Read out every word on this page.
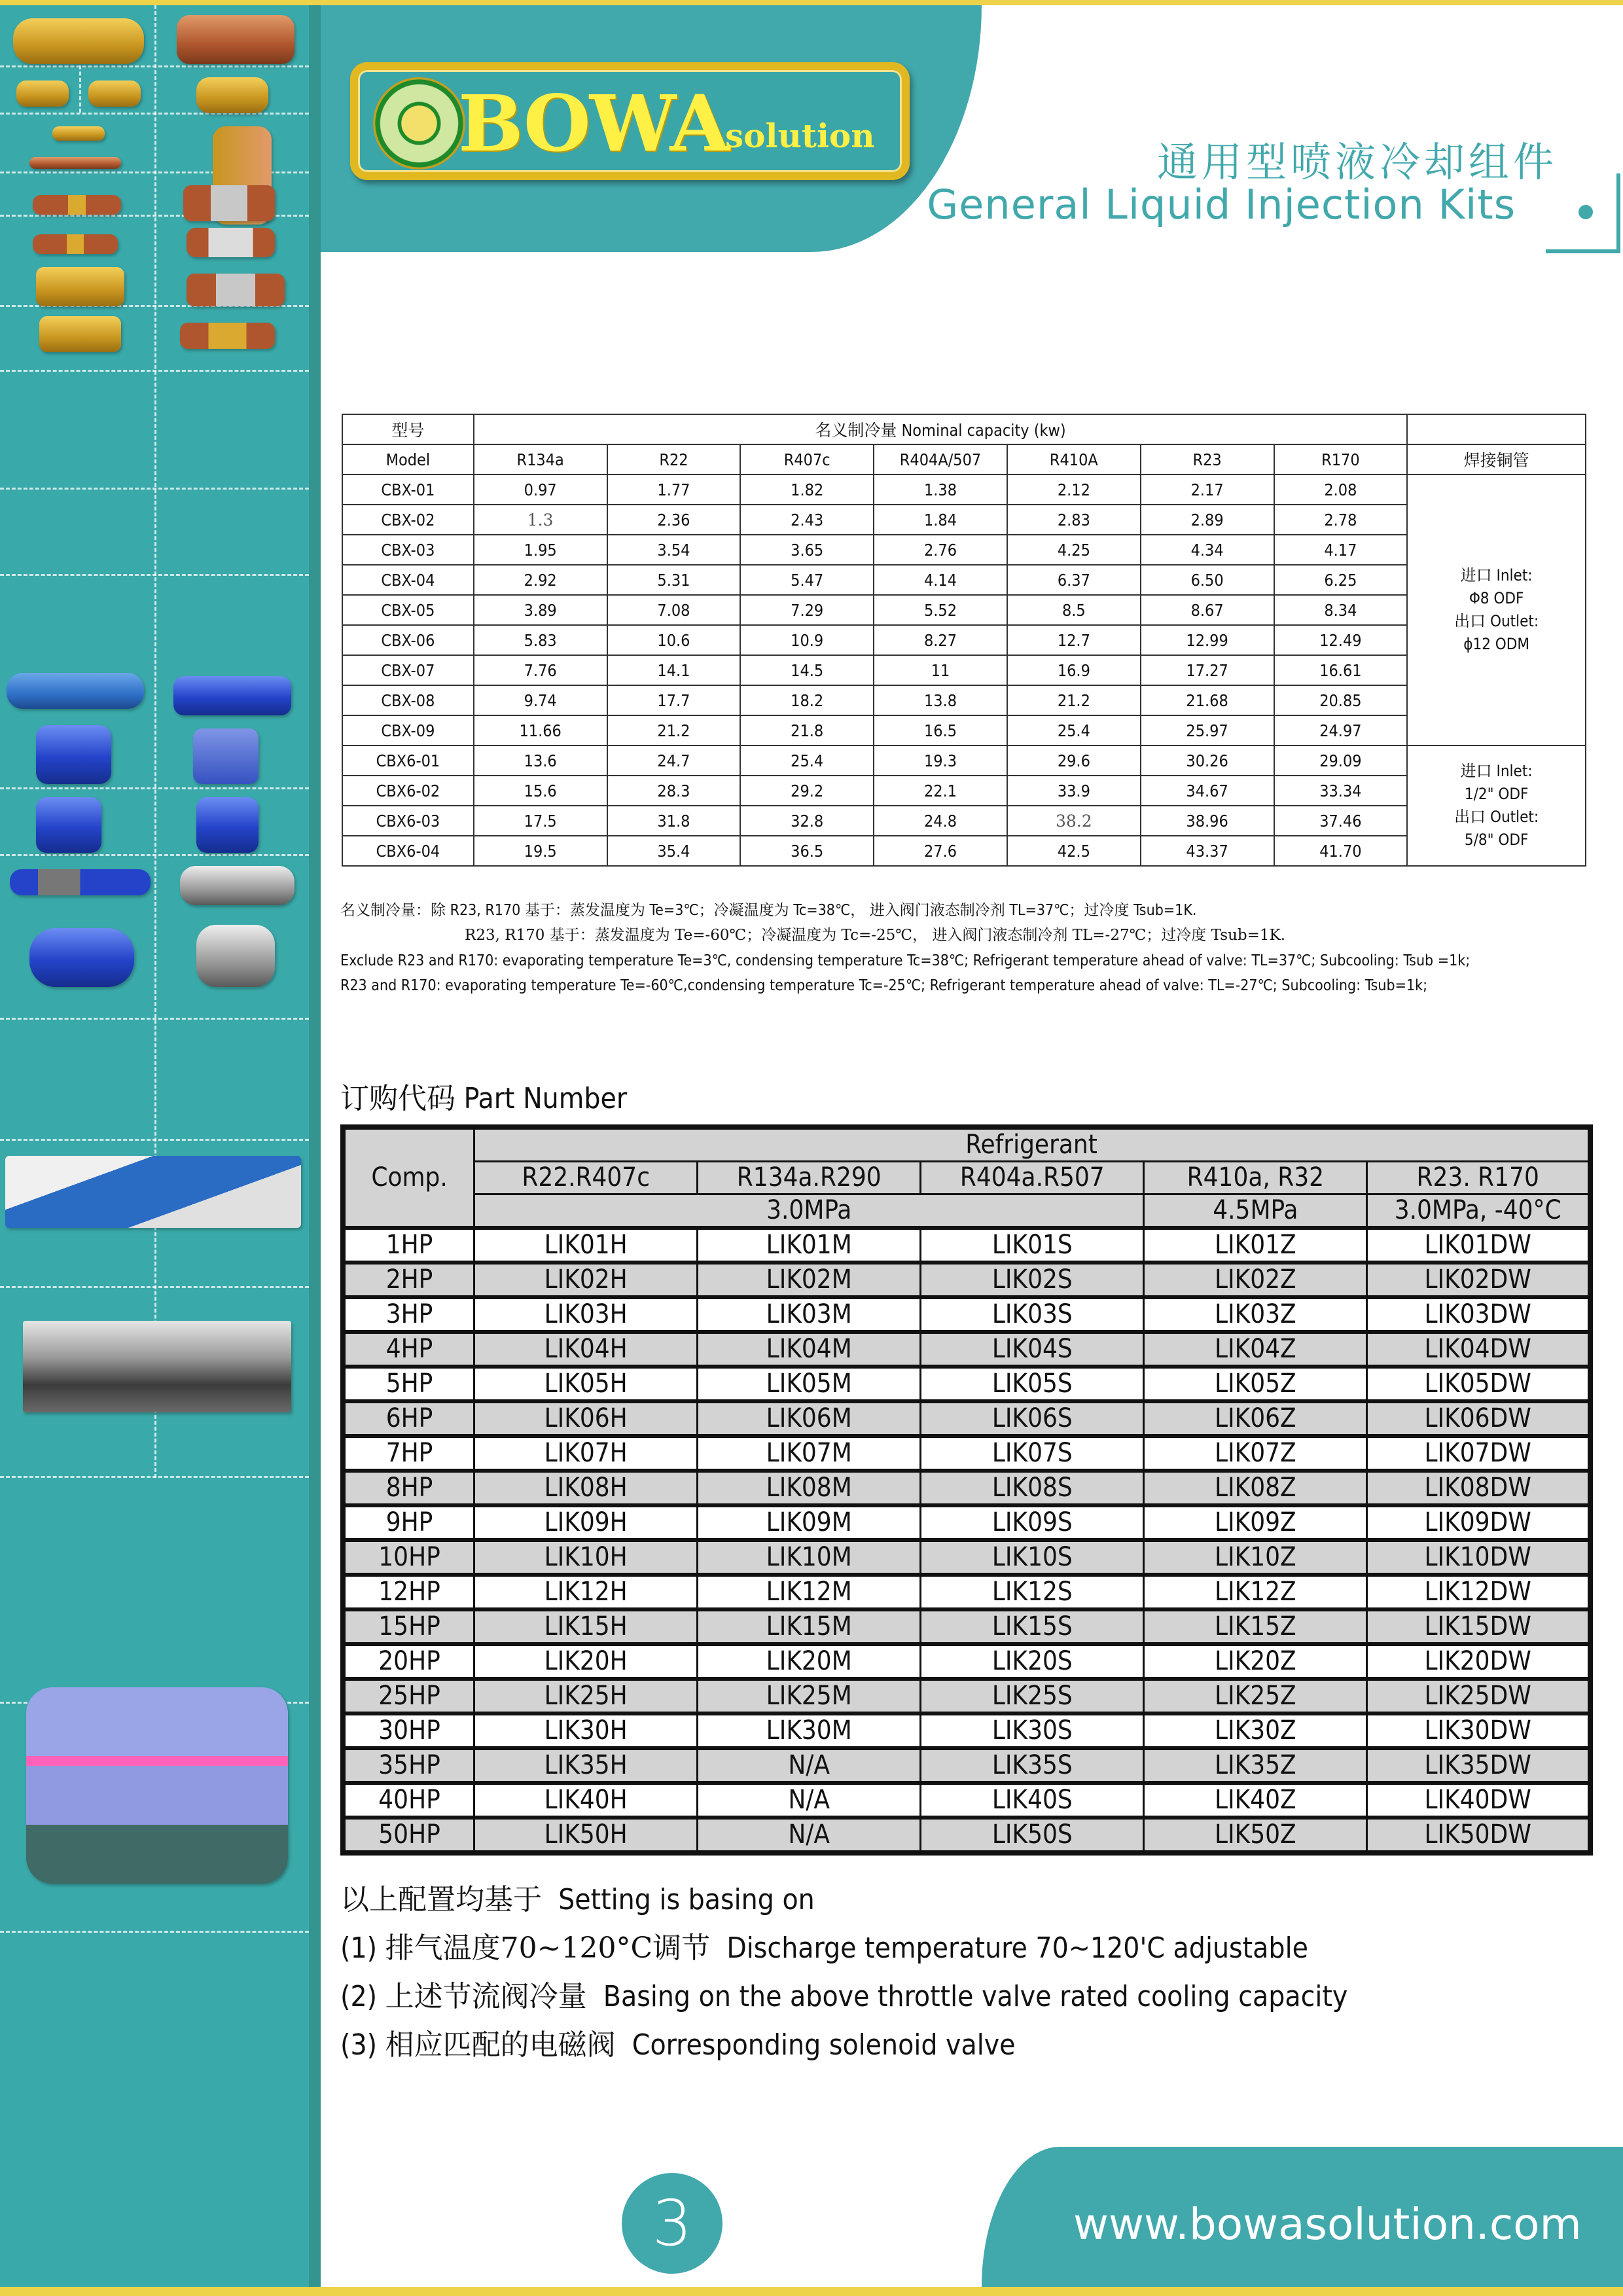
BOWA
solution
通用型喷液冷却组件
General Liquid Injection Kits
型号	名义制冷量 Nominal capacity (kw)							
Model	R134a	R22	R407c	R404A/507	R410A	R23	R170	焊接铜管
CBX-01	0.97	1.77	1.82	1.38	2.12	2.17	2.08	进口 Inlet:
Φ8 ODF
出口 Outlet:
ϕ12 ODM

CBX-02	1.3	2.36	2.43	1.84	2.83	2.89	2.78	
CBX-03	1.95	3.54	3.65	2.76	4.25	4.34	4.17	
CBX-04	2.92	5.31	5.47	4.14	6.37	6.50	6.25	
CBX-05	3.89	7.08	7.29	5.52	8.5	8.67	8.34	
CBX-06	5.83	10.6	10.9	8.27	12.7	12.99	12.49	
CBX-07	7.76	14.1	14.5	11	16.9	17.27	16.61	
CBX-08	9.74	17.7	18.2	13.8	21.2	21.68	20.85	
CBX-09	11.66	21.2	21.8	16.5	25.4	25.97	24.97	
CBX6-01	13.6	24.7	25.4	19.3	29.6	30.26	29.09	进口 Inlet:
1/2" ODF
出口 Outlet:
5/8" ODF

CBX6-02	15.6	28.3	29.2	22.1	33.9	34.67	33.34	
CBX6-03	17.5	31.8	32.8	24.8	38.2	38.96	37.46	
CBX6-04	19.5	35.4	36.5	27.6	42.5	43.37	41.70	
名义制冷量：除 R23, R170 基于：蒸发温度为 Te=3℃；冷凝温度为 Tc=38℃， 进入阀门液态制冷剂 TL=37℃；过冷度 Tsub=1K.
R23, R170 基于：蒸发温度为 Te=-60℃；冷凝温度为 Tc=-25℃， 进入阀门液态制冷剂 TL=-27℃；过冷度 Tsub=1K.
Exclude R23 and R170: evaporating temperature Te=3℃, condensing temperature Tc=38℃; Refrigerant temperature ahead of valve: TL=37℃; Subcooling: Tsub =1k;
R23 and R170: evaporating temperature Te=-60℃,condensing temperature Tc=-25℃; Refrigerant temperature ahead of valve: TL=-27℃; Subcooling: Tsub=1k;
订购代码 Part Number
Comp.	Refrigerant				
	R22.R407c	R134a.R290	R404a.R507	R410a, R32	R23. R170
	3.0MPa			4.5MPa	3.0MPa, -40°C
1HP	LIK01H	LIK01M	LIK01S	LIK01Z	LIK01DW
2HP	LIK02H	LIK02M	LIK02S	LIK02Z	LIK02DW
3HP	LIK03H	LIK03M	LIK03S	LIK03Z	LIK03DW
4HP	LIK04H	LIK04M	LIK04S	LIK04Z	LIK04DW
5HP	LIK05H	LIK05M	LIK05S	LIK05Z	LIK05DW
6HP	LIK06H	LIK06M	LIK06S	LIK06Z	LIK06DW
7HP	LIK07H	LIK07M	LIK07S	LIK07Z	LIK07DW
8HP	LIK08H	LIK08M	LIK08S	LIK08Z	LIK08DW
9HP	LIK09H	LIK09M	LIK09S	LIK09Z	LIK09DW
10HP	LIK10H	LIK10M	LIK10S	LIK10Z	LIK10DW
12HP	LIK12H	LIK12M	LIK12S	LIK12Z	LIK12DW
15HP	LIK15H	LIK15M	LIK15S	LIK15Z	LIK15DW
20HP	LIK20H	LIK20M	LIK20S	LIK20Z	LIK20DW
25HP	LIK25H	LIK25M	LIK25S	LIK25Z	LIK25DW
30HP	LIK30H	LIK30M	LIK30S	LIK30Z	LIK30DW
35HP	LIK35H	N/A	LIK35S	LIK35Z	LIK35DW
40HP	LIK40H	N/A	LIK40S	LIK40Z	LIK40DW
50HP	LIK50H	N/A	LIK50S	LIK50Z	LIK50DW
以上配置均基于 Setting is basing on
(1) 排气温度70~120°C调节 Discharge temperature 70~120'C adjustable
(2) 上述节流阀冷量 Basing on the above throttle valve rated cooling capacity
(3) 相应匹配的电磁阀 Corresponding solenoid valve
3	www.bowasolution.com
